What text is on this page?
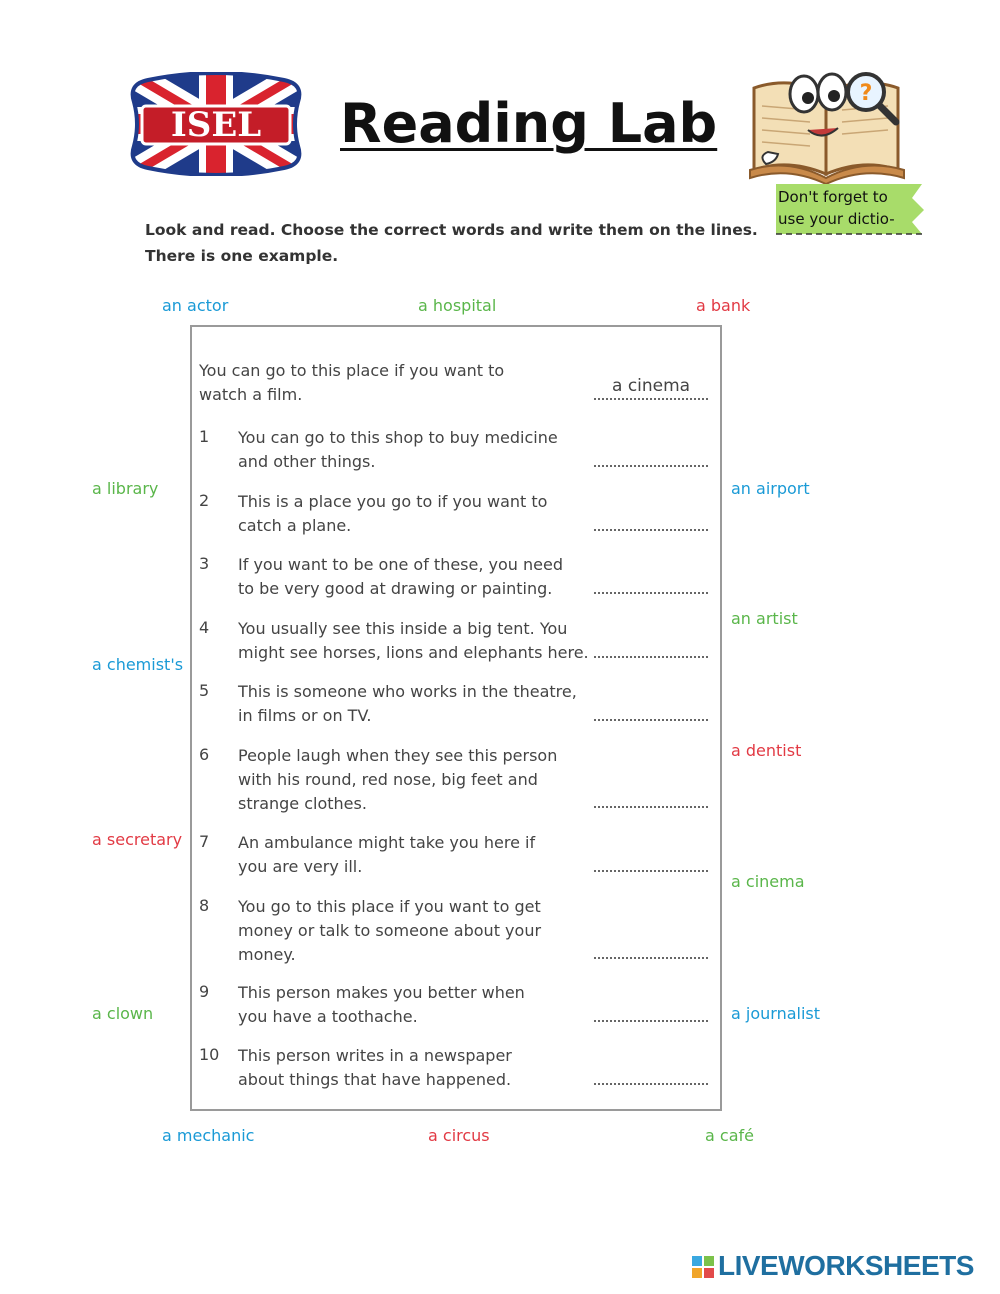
ISEL Reading Lab	?
Don't forget to
use your dictio-
Look and read. Choose the correct words and write them on the lines.
There is one example.
an actor	a hospital	a bank
a library
a chemist's
a secretary
a clown
an airport
an artist
a dentist
a cinema
a journalist
a mechanic	a circus	a café
You can go to this place if you want to
watch a film.	a cinema
1 You can go to this shop to buy medicine
and other things.
2 This is a place you go to if you want to
catch a plane.
3 If you want to be one of these, you need
to be very good at drawing or painting.
4 You usually see this inside a big tent. You
might see horses, lions and elephants here.
5 This is someone who works in the theatre,
in films or on TV.
6 People laugh when they see this person
with his round, red nose, big feet and
strange clothes.
7 An ambulance might take you here if
you are very ill.
8 You go to this place if you want to get
money or talk to someone about your
money.
9 This person makes you better when
you have a toothache.
10 This person writes in a newspaper
about things that have happened.
LIVEWORKSHEETS
